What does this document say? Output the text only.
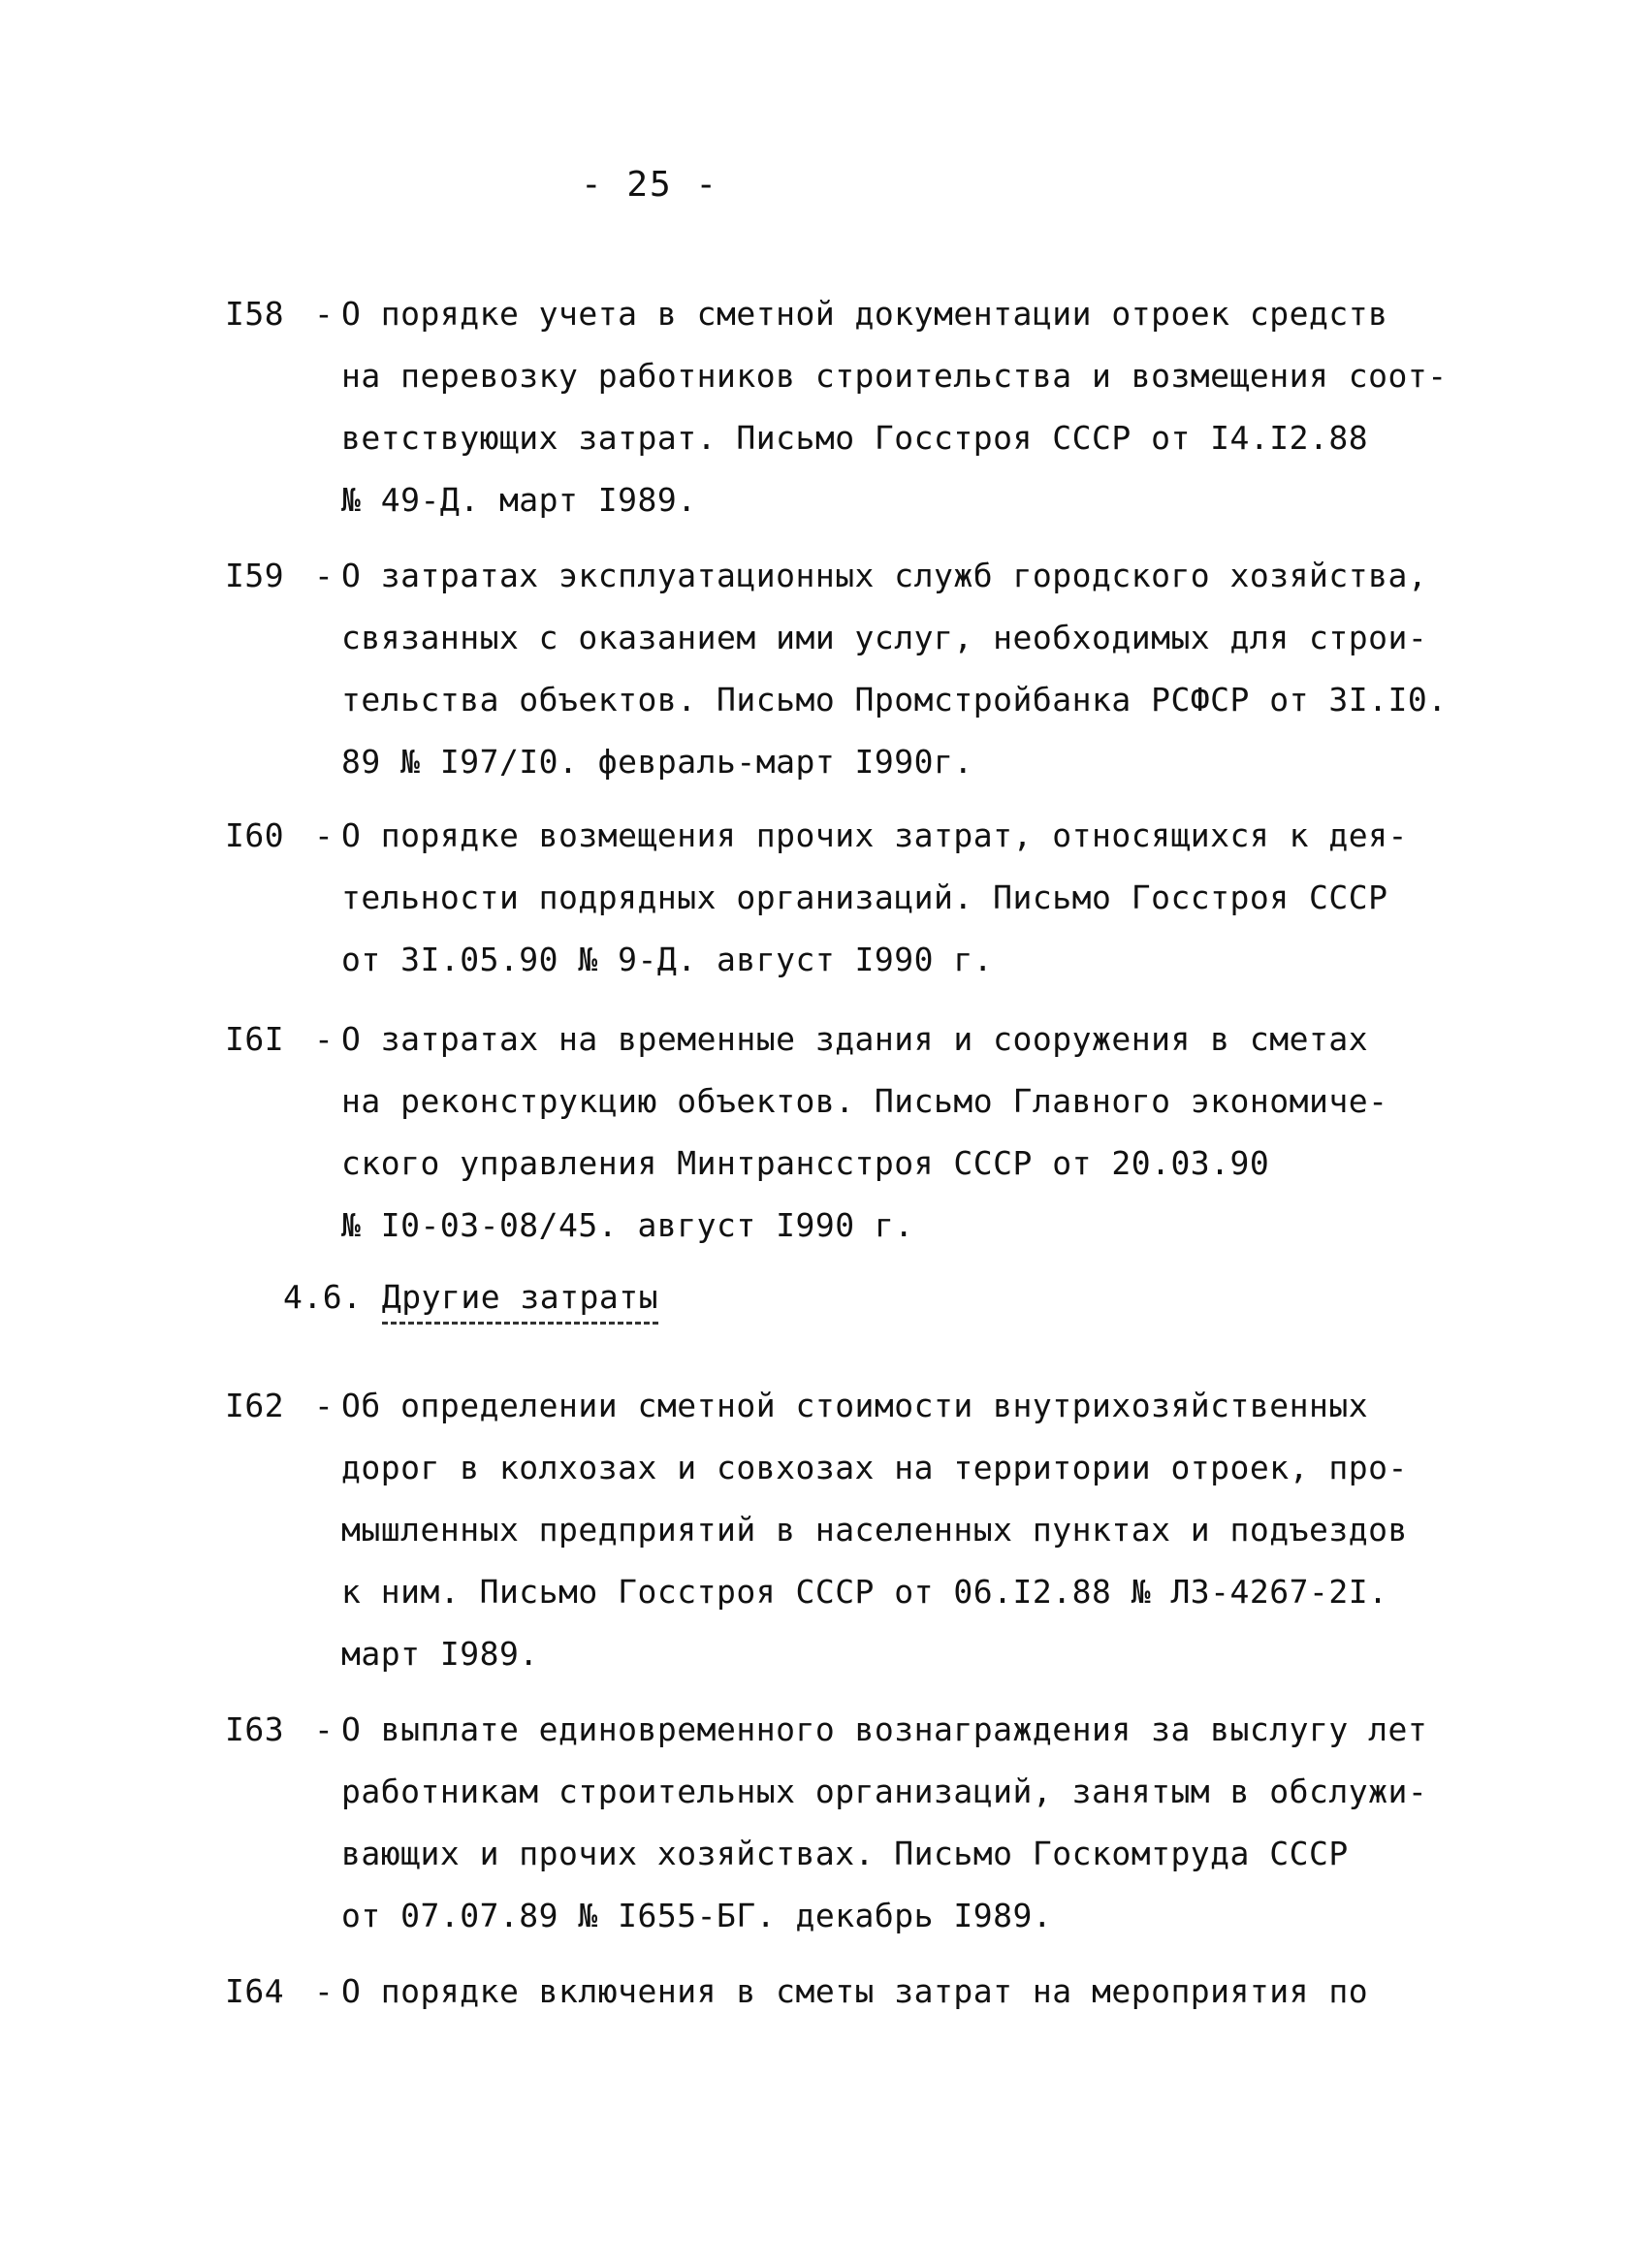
- 25 -
I58 - О порядке учета в сметной документации отроек средств
на перевозку работников строительства и возмещения соот-
ветствующих затрат. Письмо Госстроя СССР от I4.I2.88
№ 49-Д. март I989.
I59 - О затратах эксплуатационных служб городского хозяйства,
связанных с оказанием ими услуг, необходимых для строи-
тельства объектов. Письмо Промстройбанка РСФСР от ЗI.I0.
89 № I97/I0. февраль-март I990г.
I60 - О порядке возмещения прочих затрат, относящихся к дея-
тельности подрядных организаций. Письмо Госстроя СССР
от ЗI.05.90 № 9-Д. август I990 г.
I6I - О затратах на временные здания и сооружения в сметах
на реконструкцию объектов. Письмо Главного экономиче-
ского управления Минтрансстроя СССР от 20.03.90
№ I0-03-08/45. август I990 г.
4.6. Другие затраты
I62 - Об определении сметной стоимости внутрихозяйственных
дорог в колхозах и совхозах на территории отроек, про-
мышленных предприятий в населенных пунктах и подъездов
к ним. Письмо Госстроя СССР от 06.I2.88 № ЛЗ-4267-2I.
март I989.
I63 - О выплате единовременного вознаграждения за выслугу лет
работникам строительных организаций, занятым в обслужи-
вающих и прочих хозяйствах. Письмо Госкомтруда СССР
от 07.07.89 № I655-БГ. декабрь I989.
I64 - О порядке включения в сметы затрат на мероприятия по
